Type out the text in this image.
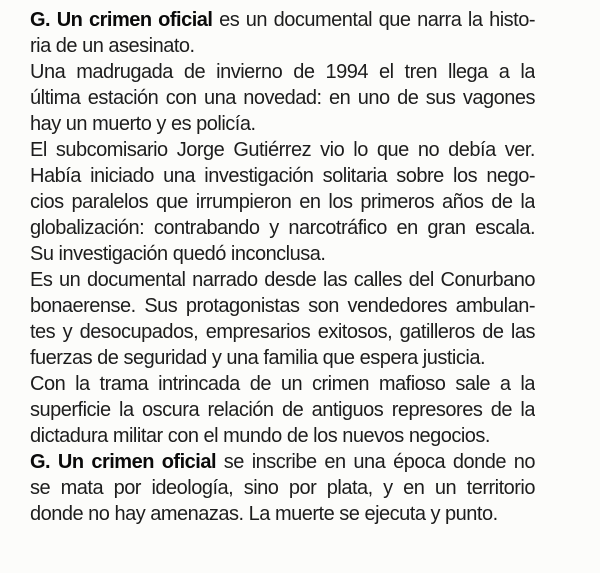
G. Un crimen oficial es un documental que narra la histo-
ria de un asesinato.
Una madrugada de invierno de 1994 el tren llega a la
última estación con una novedad: en uno de sus vagones
hay un muerto y es policía.
El subcomisario Jorge Gutiérrez vio lo que no debía ver.
Había iniciado una investigación solitaria sobre los nego-
cios paralelos que irrumpieron en los primeros años de la
globalización: contrabando y narcotráfico en gran escala.
Su investigación quedó inconclusa.
Es un documental narrado desde las calles del Conurbano
bonaerense. Sus protagonistas son vendedores ambulan-
tes y desocupados, empresarios exitosos, gatilleros de las
fuerzas de seguridad y una familia que espera justicia.
Con la trama intrincada de un crimen mafioso sale a la
superficie la oscura relación de antiguos represores de la
dictadura militar con el mundo de los nuevos negocios.
G. Un crimen oficial se inscribe en una época donde no
se mata por ideología, sino por plata, y en un territorio
donde no hay amenazas. La muerte se ejecuta y punto.
